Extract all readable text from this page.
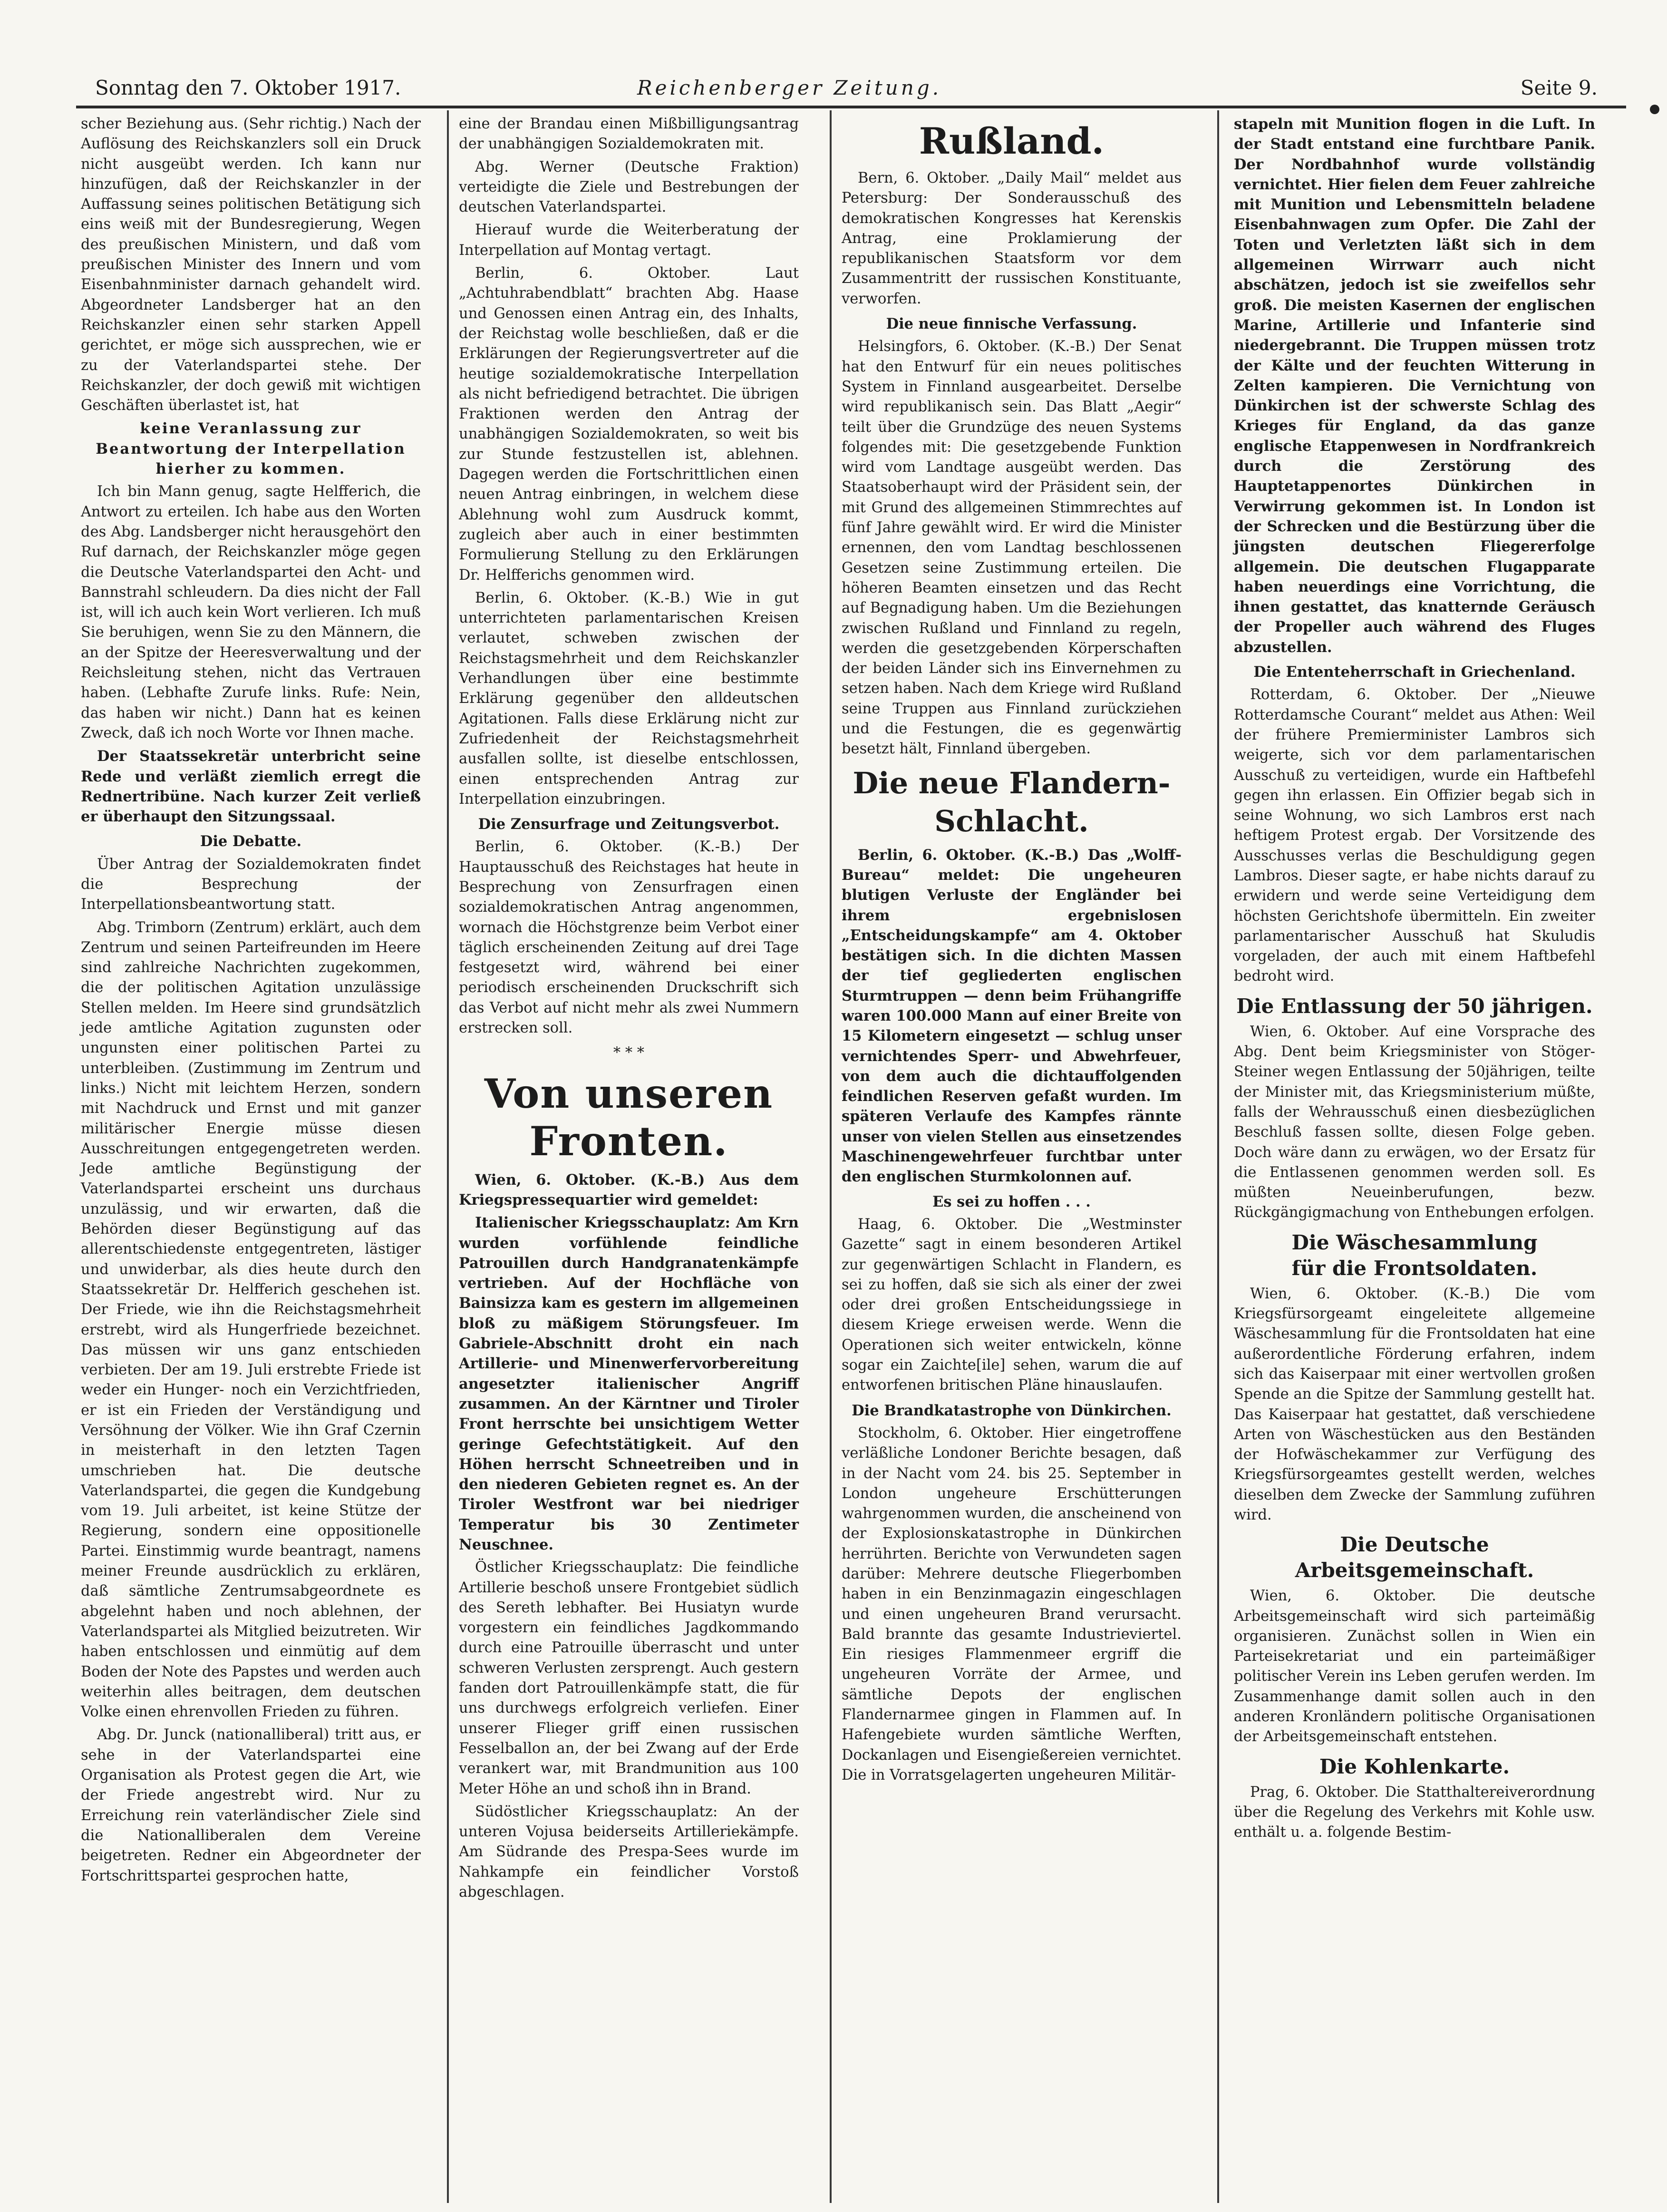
Sonntag den 7. Oktober 1917.	Reichenberger Zeitung.	Seite 9.

scher Beziehung aus. (Sehr richtig.) Nach der Auflösung des Reichskanzlers soll ein Druck nicht ausgeübt werden. Ich kann nur hinzufügen, daß der Reichskanzler in der Auffassung seines politischen Betätigung sich eins weiß mit der Bundesregierung, Wegen des preußischen Ministern, und daß vom preußischen Minister des Innern und vom Eisenbahnminister darnach gehandelt wird. Abgeordneter Landsberger hat an den Reichskanzler einen sehr starken Appell gerichtet, er möge sich aussprechen, wie er zu der Vaterlandspartei stehe. Der Reichskanzler, der doch gewiß mit wichtigen Geschäften überlastet ist, hat

keine Veranlassung zur Beantwortung der Interpellation hierher zu kommen.

Ich bin Mann genug, sagte Helfferich, die Antwort zu erteilen. Ich habe aus den Worten des Abg. Landsberger nicht herausgehört den Ruf darnach, der Reichskanzler möge gegen die Deutsche Vaterlandspartei den Acht- und Bannstrahl schleudern. Da dies nicht der Fall ist, will ich auch kein Wort verlieren. Ich muß Sie beruhigen, wenn Sie zu den Männern, die an der Spitze der Heeresverwaltung und der Reichsleitung stehen, nicht das Vertrauen haben. (Lebhafte Zurufe links. Rufe: Nein, das haben wir nicht.) Dann hat es keinen Zweck, daß ich noch Worte vor Ihnen mache.

Der Staatssekretär unterbricht seine Rede und verläßt ziemlich erregt die Rednertribüne. Nach kurzer Zeit verließ er überhaupt den Sitzungssaal.

Die Debatte.

Über Antrag der Sozialdemokraten findet die Besprechung der Interpellationsbeantwortung statt.

Abg. Trimborn (Zentrum) erklärt, auch dem Zentrum und seinen Parteifreunden im Heere sind zahlreiche Nachrichten zugekommen, die der politischen Agitation unzulässige Stellen melden. Im Heere sind grundsätzlich jede amtliche Agitation zugunsten oder ungunsten einer politischen Partei zu unterbleiben. (Zustimmung im Zentrum und links.) Nicht mit leichtem Herzen, sondern mit Nachdruck und Ernst und mit ganzer militärischer Energie müsse diesen Ausschreitungen entgegengetreten werden. Jede amtliche Begünstigung der Vaterlandspartei erscheint uns durchaus unzulässig, und wir erwarten, daß die Behörden dieser Begünstigung auf das allerentschiedenste entgegentreten, lästiger und unwiderbar, als dies heute durch den Staatssekretär Dr. Helfferich geschehen ist. Der Friede, wie ihn die Reichstagsmehrheit erstrebt, wird als Hungerfriede bezeichnet. Das müssen wir uns ganz entschieden verbieten. Der am 19. Juli erstrebte Friede ist weder ein Hunger- noch ein Verzichtfrieden, er ist ein Frieden der Verständigung und Versöhnung der Völker. Wie ihn Graf Czernin in meisterhaft in den letzten Tagen umschrieben hat. Die deutsche Vaterlandspartei, die gegen die Kundgebung vom 19. Juli arbeitet, ist keine Stütze der Regierung, sondern eine oppositionelle Partei. Einstimmig wurde beantragt, namens meiner Freunde ausdrücklich zu erklären, daß sämtliche Zentrumsabgeordnete es abgelehnt haben und noch ablehnen, der Vaterlandspartei als Mitglied beizutreten. Wir haben entschlossen und einmütig auf dem Boden der Note des Papstes und werden auch weiterhin alles beitragen, dem deutschen Volke einen ehrenvollen Frieden zu führen.

Abg. Dr. Junck (nationalliberal) tritt aus, er sehe in der Vaterlandspartei eine Organisation als Protest gegen die Art, wie der Friede angestrebt wird. Nur zu Erreichung rein vaterländischer Ziele sind die Nationalliberalen dem Vereine beigetreten. Redner ein Abgeordneter der Fortschrittspartei gesprochen hatte,

eine der Brandau einen Mißbilligungsantrag der unabhängigen Sozialdemokraten mit.

Abg. Werner (Deutsche Fraktion) verteidigte die Ziele und Bestrebungen der deutschen Vaterlandspartei.

Hierauf wurde die Weiterberatung der Interpellation auf Montag vertagt.

Berlin, 6. Oktober. Laut „Achtuhrabendblatt“ brachten Abg. Haase und Genossen einen Antrag ein, des Inhalts, der Reichstag wolle beschließen, daß er die Erklärungen der Regierungsvertreter auf die heutige sozialdemokratische Interpellation als nicht befriedigend betrachtet. Die übrigen Fraktionen werden den Antrag der unabhängigen Sozialdemokraten, so weit bis zur Stunde festzustellen ist, ablehnen. Dagegen werden die Fortschrittlichen einen neuen Antrag einbringen, in welchem diese Ablehnung wohl zum Ausdruck kommt, zugleich aber auch in einer bestimmten Formulierung Stellung zu den Erklärungen Dr. Helfferichs genommen wird.

Berlin, 6. Oktober. (K.-B.) Wie in gut unterrichteten parlamentarischen Kreisen verlautet, schweben zwischen der Reichstagsmehrheit und dem Reichskanzler Verhandlungen über eine bestimmte Erklärung gegenüber den alldeutschen Agitationen. Falls diese Erklärung nicht zur Zufriedenheit der Reichstagsmehrheit ausfallen sollte, ist dieselbe entschlossen, einen entsprechenden Antrag zur Interpellation einzubringen.

Die Zensurfrage und Zeitungsverbot.

Berlin, 6. Oktober. (K.-B.) Der Hauptausschuß des Reichstages hat heute in Besprechung von Zensurfragen einen sozialdemokratischen Antrag angenommen, wornach die Höchstgrenze beim Verbot einer täglich erscheinenden Zeitung auf drei Tage festgesetzt wird, während bei einer periodisch erscheinenden Druckschrift sich das Verbot auf nicht mehr als zwei Nummern erstrecken soll.

* * *
Von unseren Fronten.

Wien, 6. Oktober. (K.-B.) Aus dem Kriegspressequartier wird gemeldet:

Italienischer Kriegsschauplatz: Am Krn wurden vorfühlende feindliche Patrouillen durch Handgranatenkämpfe vertrieben. Auf der Hochfläche von Bainsizza kam es gestern im allgemeinen bloß zu mäßigem Störungsfeuer. Im Gabriele-Abschnitt droht ein nach Artillerie- und Minenwerfervorbereitung angesetzter italienischer Angriff zusammen. An der Kärntner und Tiroler Front herrschte bei unsichtigem Wetter geringe Gefechtstätigkeit. Auf den Höhen herrscht Schneetreiben und in den niederen Gebieten regnet es. An der Tiroler Westfront war bei niedriger Temperatur bis 30 Zentimeter Neuschnee.

Östlicher Kriegsschauplatz: Die feindliche Artillerie beschoß unsere Frontgebiet südlich des Sereth lebhafter. Bei Husiatyn wurde vorgestern ein feindliches Jagdkommando durch eine Patrouille überrascht und unter schweren Verlusten zersprengt. Auch gestern fanden dort Patrouillenkämpfe statt, die für uns durchwegs erfolgreich verliefen. Einer unserer Flieger griff einen russischen Fesselballon an, der bei Zwang auf der Erde verankert war, mit Brandmunition aus 100 Meter Höhe an und schoß ihn in Brand.

Südöstlicher Kriegsschauplatz: An der unteren Vojusa beiderseits Artilleriekämpfe. Am Südrande des Prespa-Sees wurde im Nahkampfe ein feindlicher Vorstoß abgeschlagen.

Rußland.

Bern, 6. Oktober. „Daily Mail“ meldet aus Petersburg: Der Sonderausschuß des demokratischen Kongresses hat Kerenskis Antrag, eine Proklamierung der republikanischen Staatsform vor dem Zusammentritt der russischen Konstituante, verworfen.

Die neue finnische Verfassung.

Helsingfors, 6. Oktober. (K.-B.) Der Senat hat den Entwurf für ein neues politisches System in Finnland ausgearbeitet. Derselbe wird republikanisch sein. Das Blatt „Aegir“ teilt über die Grundzüge des neuen Systems folgendes mit: Die gesetzgebende Funktion wird vom Landtage ausgeübt werden. Das Staatsoberhaupt wird der Präsident sein, der mit Grund des allgemeinen Stimmrechtes auf fünf Jahre gewählt wird. Er wird die Minister ernennen, den vom Landtag beschlossenen Gesetzen seine Zustimmung erteilen. Die höheren Beamten einsetzen und das Recht auf Begnadigung haben. Um die Beziehungen zwischen Rußland und Finnland zu regeln, werden die gesetzgebenden Körperschaften der beiden Länder sich ins Einvernehmen zu setzen haben. Nach dem Kriege wird Rußland seine Truppen aus Finnland zurückziehen und die Festungen, die es gegenwärtig besetzt hält, Finnland übergeben.

Die neue Flandern-Schlacht.

Berlin, 6. Oktober. (K.-B.) Das „Wolff-Bureau“ meldet: Die ungeheuren blutigen Verluste der Engländer bei ihrem ergebnislosen „Entscheidungskampfe“ am 4. Oktober bestätigen sich. In die dichten Massen der tief gegliederten englischen Sturmtruppen — denn beim Frühangriffe waren 100.000 Mann auf einer Breite von 15 Kilometern eingesetzt — schlug unser vernichtendes Sperr- und Abwehrfeuer, von dem auch die dichtauffolgenden feindlichen Reserven gefaßt wurden. Im späteren Verlaufe des Kampfes rännte unser von vielen Stellen aus einsetzendes Maschinengewehrfeuer furchtbar unter den englischen Sturmkolonnen auf.

Es sei zu hoffen . . .

Haag, 6. Oktober. Die „Westminster Gazette“ sagt in einem besonderen Artikel zur gegenwärtigen Schlacht in Flandern, es sei zu hoffen, daß sie sich als einer der zwei oder drei großen Entscheidungssiege in diesem Kriege erweisen werde. Wenn die Operationen sich weiter entwickeln, könne sogar ein Zaichte[ile] sehen, warum die auf entworfenen britischen Pläne hinauslaufen.

Die Brandkatastrophe von Dünkirchen.

Stockholm, 6. Oktober. Hier eingetroffene verläßliche Londoner Berichte besagen, daß in der Nacht vom 24. bis 25. September in London ungeheure Erschütterungen wahrgenommen wurden, die anscheinend von der Explosionskatastrophe in Dünkirchen herrührten. Berichte von Verwundeten sagen darüber: Mehrere deutsche Fliegerbomben haben in ein Benzinmagazin eingeschlagen und einen ungeheuren Brand verursacht. Bald brannte das gesamte Industrieviertel. Ein riesiges Flammenmeer ergriff die ungeheuren Vorräte der Armee, und sämtliche Depots der englischen Flandernarmee gingen in Flammen auf. In Hafengebiete wurden sämtliche Werften, Dockanlagen und Eisengießereien vernichtet. Die in Vorratsgelagerten ungeheuren Militär-

stapeln mit Munition flogen in die Luft. In der Stadt entstand eine furchtbare Panik. Der Nordbahnhof wurde vollständig vernichtet. Hier fielen dem Feuer zahlreiche mit Munition und Lebensmitteln beladene Eisenbahnwagen zum Opfer. Die Zahl der Toten und Verletzten läßt sich in dem allgemeinen Wirrwarr auch nicht abschätzen, jedoch ist sie zweifellos sehr groß. Die meisten Kasernen der englischen Marine, Artillerie und Infanterie sind niedergebrannt. Die Truppen müssen trotz der Kälte und der feuchten Witterung in Zelten kampieren. Die Vernichtung von Dünkirchen ist der schwerste Schlag des Krieges für England, da das ganze englische Etappenwesen in Nordfrankreich durch die Zerstörung des Hauptetappenortes Dünkirchen in Verwirrung gekommen ist. In London ist der Schrecken und die Bestürzung über die jüngsten deutschen Fliegererfolge allgemein. Die deutschen Flugapparate haben neuerdings eine Vorrichtung, die ihnen gestattet, das knatternde Geräusch der Propeller auch während des Fluges abzustellen.

Die Ententeherrschaft in Griechenland.

Rotterdam, 6. Oktober. Der „Nieuwe Rotterdamsche Courant“ meldet aus Athen: Weil der frühere Premierminister Lambros sich weigerte, sich vor dem parlamentarischen Ausschuß zu verteidigen, wurde ein Haftbefehl gegen ihn erlassen. Ein Offizier begab sich in seine Wohnung, wo sich Lambros erst nach heftigem Protest ergab. Der Vorsitzende des Ausschusses verlas die Beschuldigung gegen Lambros. Dieser sagte, er habe nichts darauf zu erwidern und werde seine Verteidigung dem höchsten Gerichtshofe übermitteln. Ein zweiter parlamentarischer Ausschuß hat Skuludis vorgeladen, der auch mit einem Haftbefehl bedroht wird.

Die Entlassung der 50 jährigen.

Wien, 6. Oktober. Auf eine Vorsprache des Abg. Dent beim Kriegsminister von Stöger-Steiner wegen Entlassung der 50jährigen, teilte der Minister mit, das Kriegsministerium müßte, falls der Wehrausschuß einen diesbezüglichen Beschluß fassen sollte, diesen Folge geben. Doch wäre dann zu erwägen, wo der Ersatz für die Entlassenen genommen werden soll. Es müßten Neueinberufungen, bezw. Rückgängigmachung von Enthebungen erfolgen.

Die Wäschesammlung
für die Frontsoldaten.

Wien, 6. Oktober. (K.-B.) Die vom Kriegsfürsorgeamt eingeleitete allgemeine Wäschesammlung für die Frontsoldaten hat eine außerordentliche Förderung erfahren, indem sich das Kaiserpaar mit einer wertvollen großen Spende an die Spitze der Sammlung gestellt hat. Das Kaiserpaar hat gestattet, daß verschiedene Arten von Wäschestücken aus den Beständen der Hofwäschekammer zur Verfügung des Kriegsfürsorgeamtes gestellt werden, welches dieselben dem Zwecke der Sammlung zuführen wird.

Die Deutsche Arbeitsgemeinschaft.

Wien, 6. Oktober. Die deutsche Arbeitsgemeinschaft wird sich parteimäßig organisieren. Zunächst sollen in Wien ein Parteisekretariat und ein parteimäßiger politischer Verein ins Leben gerufen werden. Im Zusammenhange damit sollen auch in den anderen Kronländern politische Organisationen der Arbeitsgemeinschaft entstehen.

Die Kohlenkarte.

Prag, 6. Oktober. Die Statthaltereiverordnung über die Regelung des Verkehrs mit Kohle usw. enthält u. a. folgende Bestim-
